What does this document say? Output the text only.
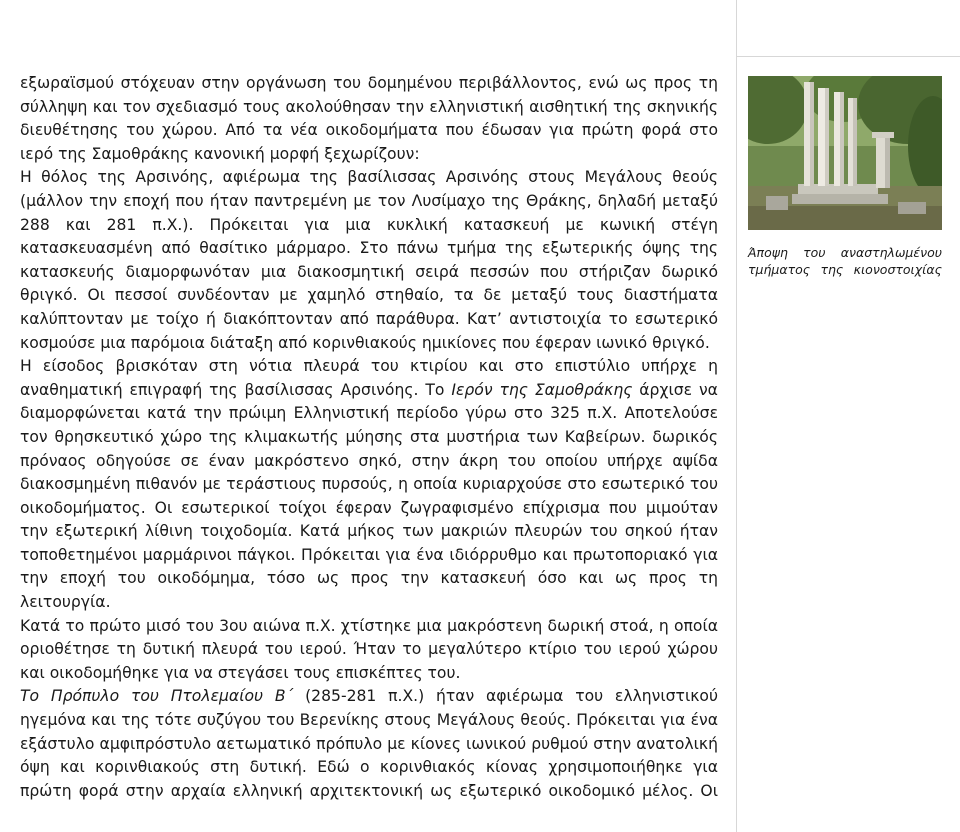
εξωραϊσμού στόχευαν στην οργάνωση του δομημένου περιβάλλοντος, ενώ ως προς τη σύλληψη και τον σχεδιασμό τους ακολούθησαν την ελληνιστική αισθητική της σκηνικής διευθέτησης του χώρου. Από τα νέα οικοδομήματα που έδωσαν για πρώτη φορά στο ιερό της Σαμοθράκης κανονική μορφή ξεχωρίζουν:

Η θόλος της Αρσινόης, αφιέρωμα της βασίλισσας Αρσινόης στους Μεγάλους θεούς (μάλλον την εποχή που ήταν παντρεμένη με τον Λυσίμαχο της Θράκης, δηλαδή μεταξύ 288 και 281 π.Χ.). Πρόκειται για μια κυκλική κατασκευή με κωνική στέγη κατασκευασμένη από θασίτικο μάρμαρο. Στο πάνω τμήμα της εξωτερικής όψης της κατασκευής διαμορφωνόταν μια διακοσμητική σειρά πεσσών που στήριζαν δωρικό θριγκό. Οι πεσσοί συνδέονταν με χαμηλό στηθαίο, τα δε μεταξύ τους διαστήματα καλύπτονταν με τοίχο ή διακόπτονταν από παράθυρα. Κατ’ αντιστοιχία το εσωτερικό κοσμούσε μια παρόμοια διάταξη από κορινθιακούς ημικίονες που έφεραν ιωνικό θριγκό.

Η είσοδος βρισκόταν στη νότια πλευρά του κτιρίου και στο επιστύλιο υπήρχε η αναθηματική επιγραφή της βασίλισσας Αρσινόης. Το Ιερόν της Σαμοθράκης άρχισε να διαμορφώνεται κατά την πρώιμη Ελληνιστική περίοδο γύρω στο 325 π.Χ. Αποτελούσε τον θρησκευτικό χώρο της κλιμακωτής μύησης στα μυστήρια των Καβείρων. δωρικός πρόναος οδηγούσε σε έναν μακρόστενο σηκό, στην άκρη του οποίου υπήρχε αψίδα διακοσμημένη πιθανόν με τεράστιους πυρσούς, η οποία κυριαρχούσε στο εσωτερικό του οικοδομήματος. Οι εσωτερικοί τοίχοι έφεραν ζωγραφισμένο επίχρισμα που μιμούταν την εξωτερική λίθινη τοιχοδομία. Κατά μήκος των μακριών πλευρών του σηκού ήταν τοποθετημένοι μαρμάρινοι πάγκοι. Πρόκειται για ένα ιδιόρρυθμο και πρωτοποριακό για την εποχή του οικοδόμημα, τόσο ως προς την κατασκευή όσο και ως προς τη λειτουργία.

Κατά το πρώτο μισό του 3ου αιώνα π.Χ. χτίστηκε μια μακρόστενη δωρική στοά, η οποία οριοθέτησε τη δυτική πλευρά του ιερού. Ήταν το μεγαλύτερο κτίριο του ιερού χώρου και οικοδομήθηκε για να στεγάσει τους επισκέπτες του.

Το Πρόπυλο του Πτολεμαίου Β΄ (285-281 π.Χ.) ήταν αφιέρωμα του ελληνιστικού ηγεμόνα και της τότε συζύγου του Βερενίκης στους Μεγάλους θεούς. Πρόκειται για ένα εξάστυλο αμφιπρόστυλο αετωματικό πρόπυλο με κίονες ιωνικού ρυθμού στην ανατολική όψη και κορινθιακούς στη δυτική. Εδώ ο κορινθιακός κίονας χρησιμοποιήθηκε για πρώτη φορά στην αρχαία ελληνική αρχιτεκτονική ως εξωτερικό οικοδομικό μέλος. Οι

Άποψη του αναστηλωμένου τμήματος της κιονοστοιχίας
